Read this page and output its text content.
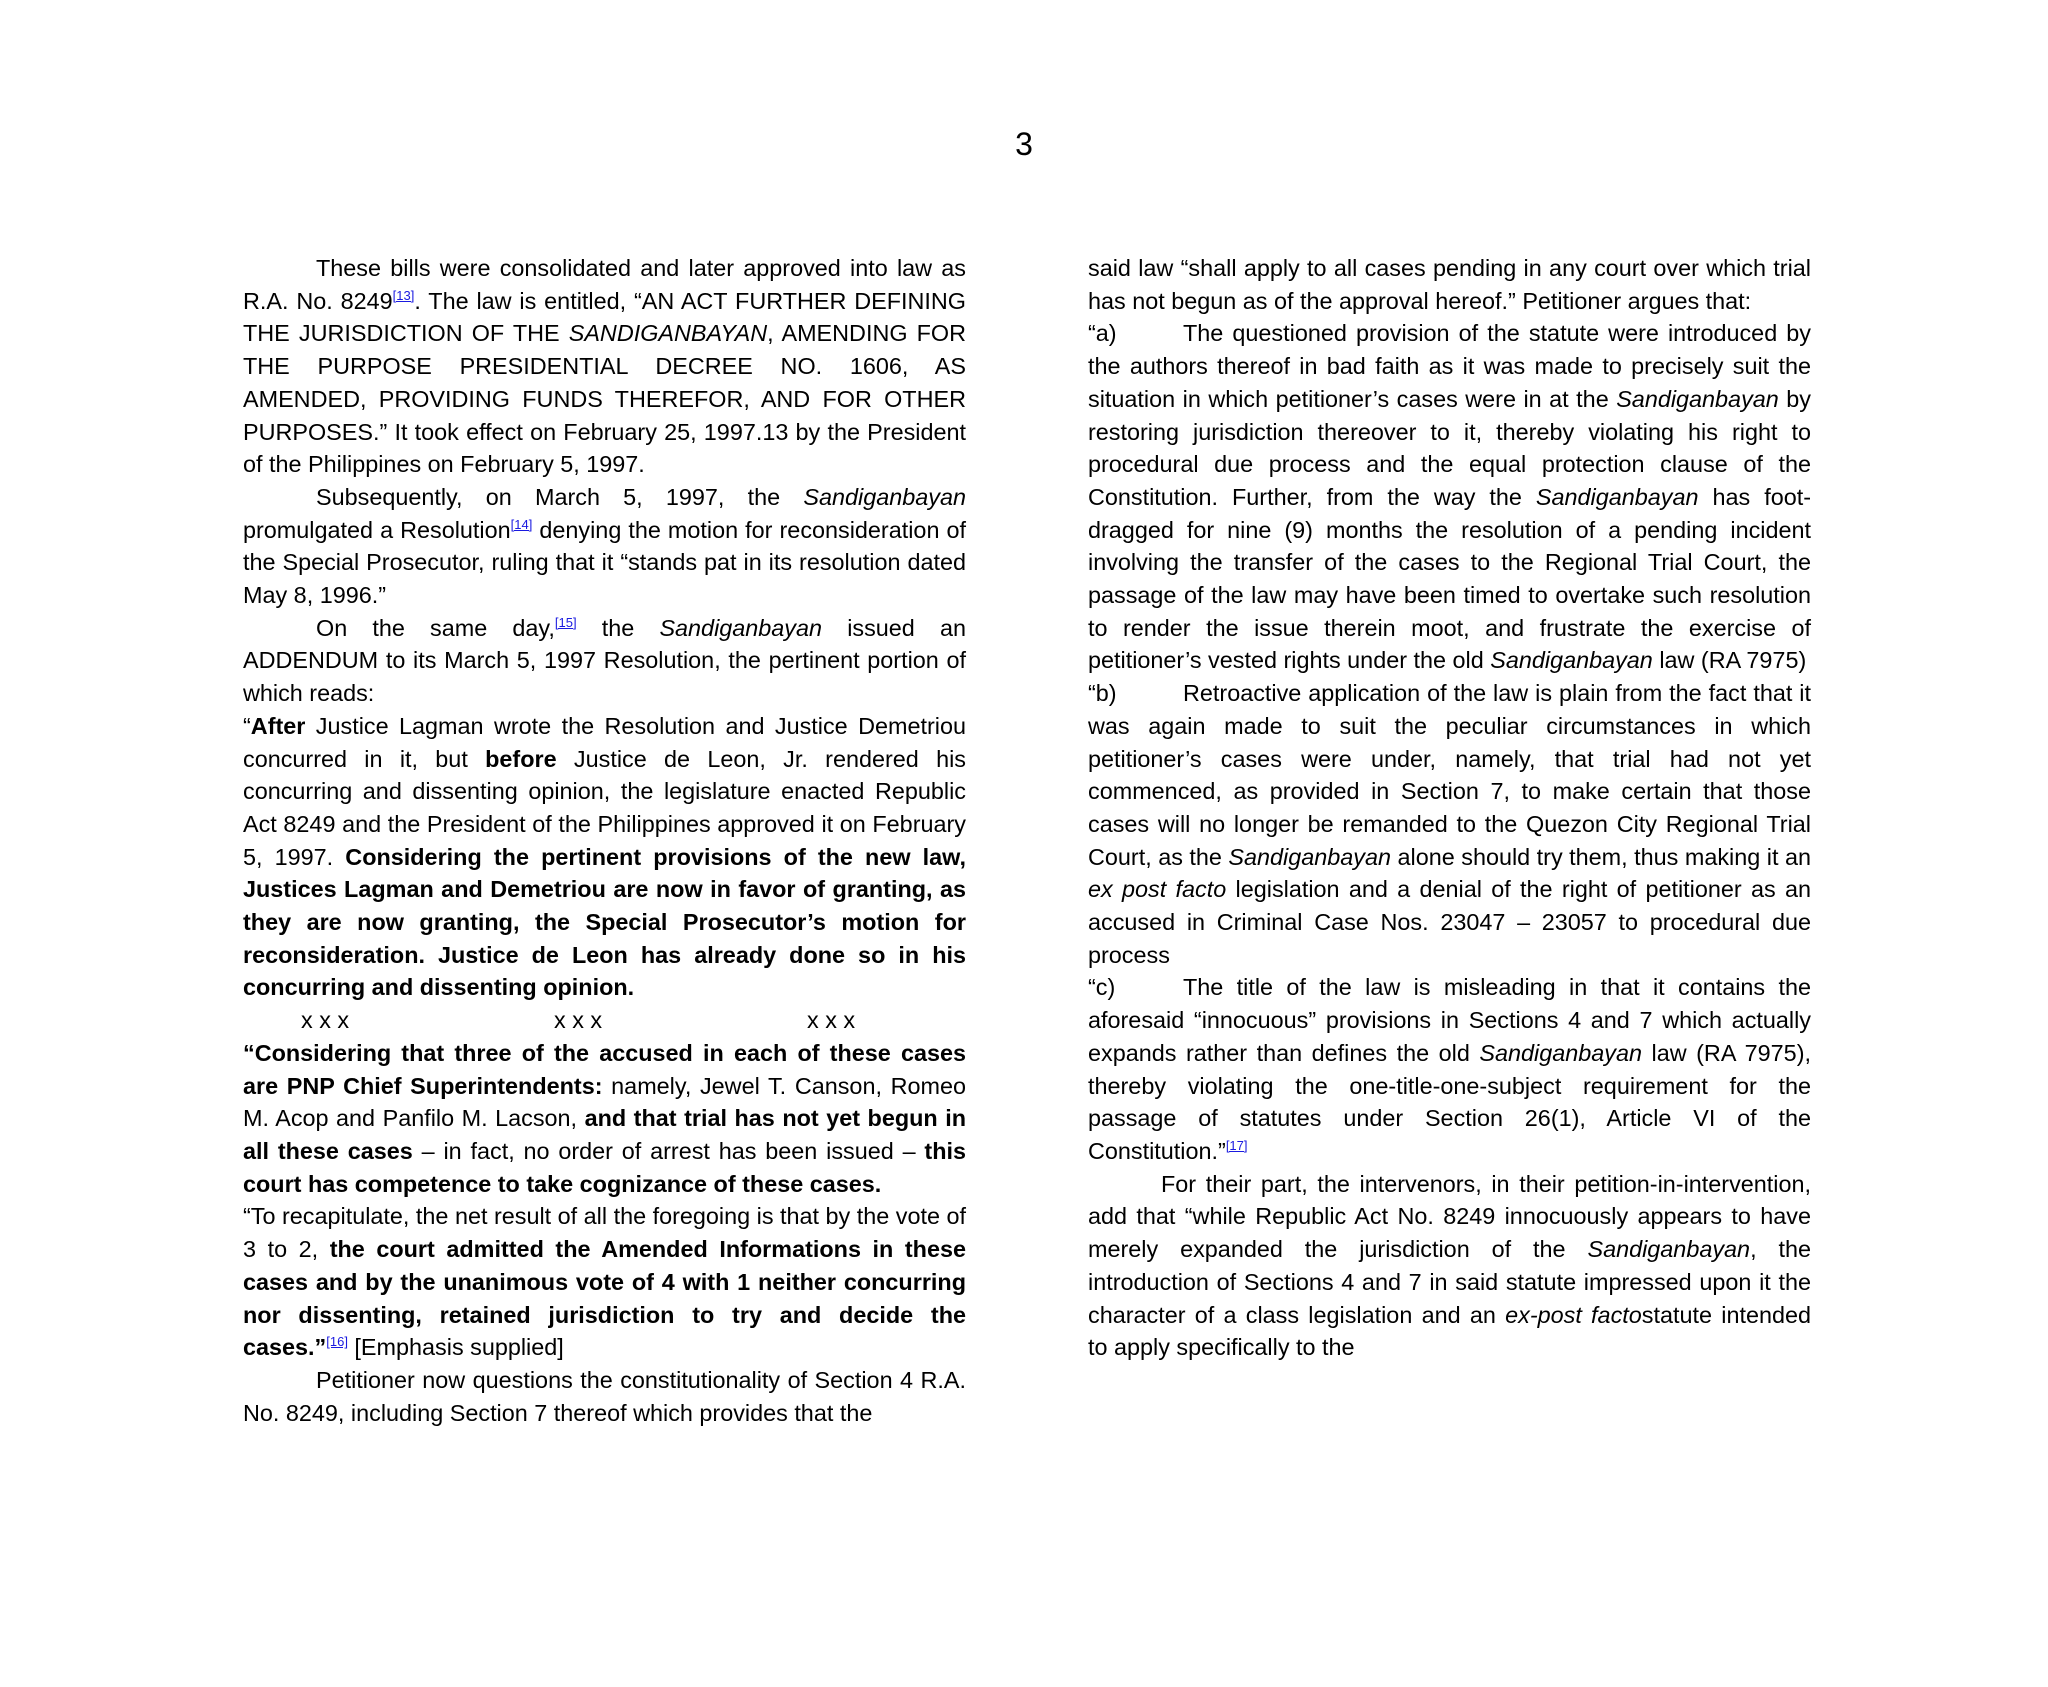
3

These bills were consolidated and later approved into law as R.A. No. 8249[13]. The law is entitled, “AN ACT FURTHER DEFINING THE JURISDICTION OF THE SANDIGANBAYAN, AMENDING FOR THE PURPOSE PRESIDENTIAL DECREE NO. 1606, AS AMENDED, PROVIDING FUNDS THEREFOR, AND FOR OTHER PURPOSES.” It took effect on February 25, 1997.13 by the President of the Philippines on February 5, 1997.

Subsequently, on March 5, 1997, the Sandiganbayan promulgated a Resolution[14] denying the motion for reconsideration of the Special Prosecutor, ruling that it “stands pat in its resolution dated May 8, 1996.”

On the same day,[15] the Sandiganbayan issued an ADDENDUM to its March 5, 1997 Resolution, the pertinent portion of which reads:

“After Justice Lagman wrote the Resolution and Justice Demetriou concurred in it, but before Justice de Leon, Jr. rendered his concurring and dissenting opinion, the legislature enacted Republic Act 8249 and the President of the Philippines approved it on February 5, 1997. Considering the pertinent provisions of the new law, Justices Lagman and Demetriou are now in favor of granting, as they are now granting, the Special Prosecutor’s motion for reconsideration. Justice de Leon has already done so in his concurring and dissenting opinion.

x x x	x x x	x x x

“Considering that three of the accused in each of these cases are PNP Chief Superintendents: namely, Jewel T. Canson, Romeo M. Acop and Panfilo M. Lacson, and that trial has not yet begun in all these cases – in fact, no order of arrest has been issued – this court has competence to take cognizance of these cases.

“To recapitulate, the net result of all the foregoing is that by the vote of 3 to 2, the court admitted the Amended Informations in these cases and by the unanimous vote of 4 with 1 neither concurring nor dissenting, retained jurisdiction to try and decide the cases.”[16] [Emphasis supplied]

Petitioner now questions the constitutionality of Section 4 R.A. No. 8249, including Section 7 thereof which provides that the

said law “shall apply to all cases pending in any court over which trial has not begun as of the approval hereof.” Petitioner argues that:

“a)	The questioned provision of the statute were introduced by the authors thereof in bad faith as it was made to precisely suit the situation in which petitioner’s cases were in at the Sandiganbayan by restoring jurisdiction thereover to it, thereby violating his right to procedural due process and the equal protection clause of the Constitution. Further, from the way the Sandiganbayan has foot-dragged for nine (9) months the resolution of a pending incident involving the transfer of the cases to the Regional Trial Court, the passage of the law may have been timed to overtake such resolution to render the issue therein moot, and frustrate the exercise of petitioner’s vested rights under the old Sandiganbayan law (RA 7975)

“b)	Retroactive application of the law is plain from the fact that it was again made to suit the peculiar circumstances in which petitioner’s cases were under, namely, that trial had not yet commenced, as provided in Section 7, to make certain that those cases will no longer be remanded to the Quezon City Regional Trial Court, as the Sandiganbayan alone should try them, thus making it an ex post facto legislation and a denial of the right of petitioner as an accused in Criminal Case Nos. 23047 – 23057 to procedural due process

“c)	The title of the law is misleading in that it contains the aforesaid “innocuous” provisions in Sections 4 and 7 which actually expands rather than defines the old Sandiganbayan law (RA 7975), thereby violating the one-title-one-subject requirement for the passage of statutes under Section 26(1), Article VI of the Constitution.”[17]

For their part, the intervenors, in their petition-in-intervention, add that “while Republic Act No. 8249 innocuously appears to have merely expanded the jurisdiction of the Sandiganbayan, the introduction of Sections 4 and 7 in said statute impressed upon it the character of a class legislation and an ex-post factostatute intended to apply specifically to the
